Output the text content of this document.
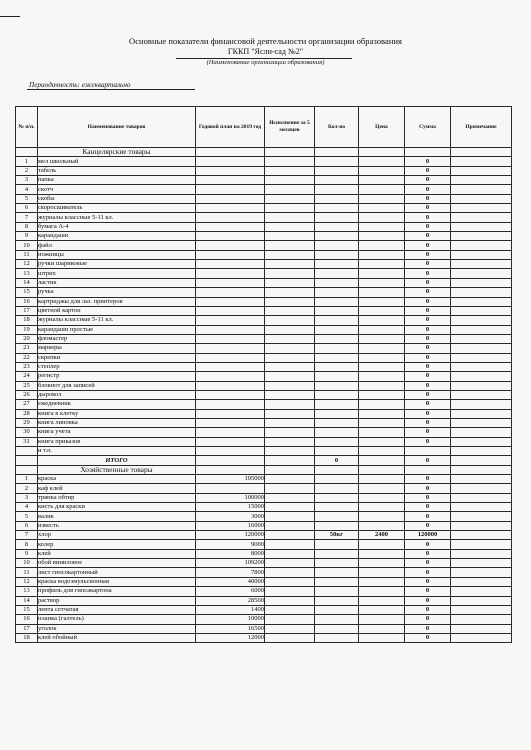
Основные показатели финансовой деятельности организации образования
ГККП "Ясли-сад №2"
(Наименование организации образования)
Периодичность: ежеквартально
№ п/п.	Наименование товаров	Годовой план на 2019 год	Исполнение за 5 месяцев	Кол-во	Цена	Сумма	Примечание
	Канцелярские товары						
1	мел школьный					0	
2	табель					0	
3	папка					0	
4	скотч					0	
5	скобы					0	
6	скоросшиватель					0	
7	журналы классные 5-11 кл.					0	
8	бумага А-4					0	
9	карандаши					0	
10	файл					0	
11	ножницы					0	
12	ручки шариковые					0	
13	штрих					0	
14	ластик					0	
15	ручка					0	
16	картриджы для лаз. принтеров					0	
17	цветной картон					0	
18	журналы классные 5-11 кл.					0	
19	карандаши простые					0	
20	фломастер					0	
21	маркеры					0	
22	скрепки					0	
23	степлер					0	
24	регистр					0	
25	блокнот для записей					0	
26	дырокол					0	
27	ежедневник					0	
28	книга в клетку					0	
29	книга линовка					0	
30	книга учета					0	
31	книга приказов					0	
	и т.п.						
	ИТОГО			0		0	
	Хозяйственные товары						
1	краска	105000				0	
2	каф клей					0	
3	тряпка обтир	100000				0	
4	кисть для краски	15000				0	
5	валик	3000				0	
6	известь	16000				0	
7	хлор	120000		50кг	2400	120000	
8	колер	9000				0	
9	клей	8000				0	
10	обой виниловое	109200				0	
11	лист гипсокартонный	7800				0	
12	краска водоэмульсионная	40000				0	
13	профиль для гипсакартона	6000				0	
14	раствор	28500				0	
15	лента сетчатая	1400				0	
16	планка (галтель)	10000				0	
17	уголок	16500				0	
18	клей обойный	12000				0	
